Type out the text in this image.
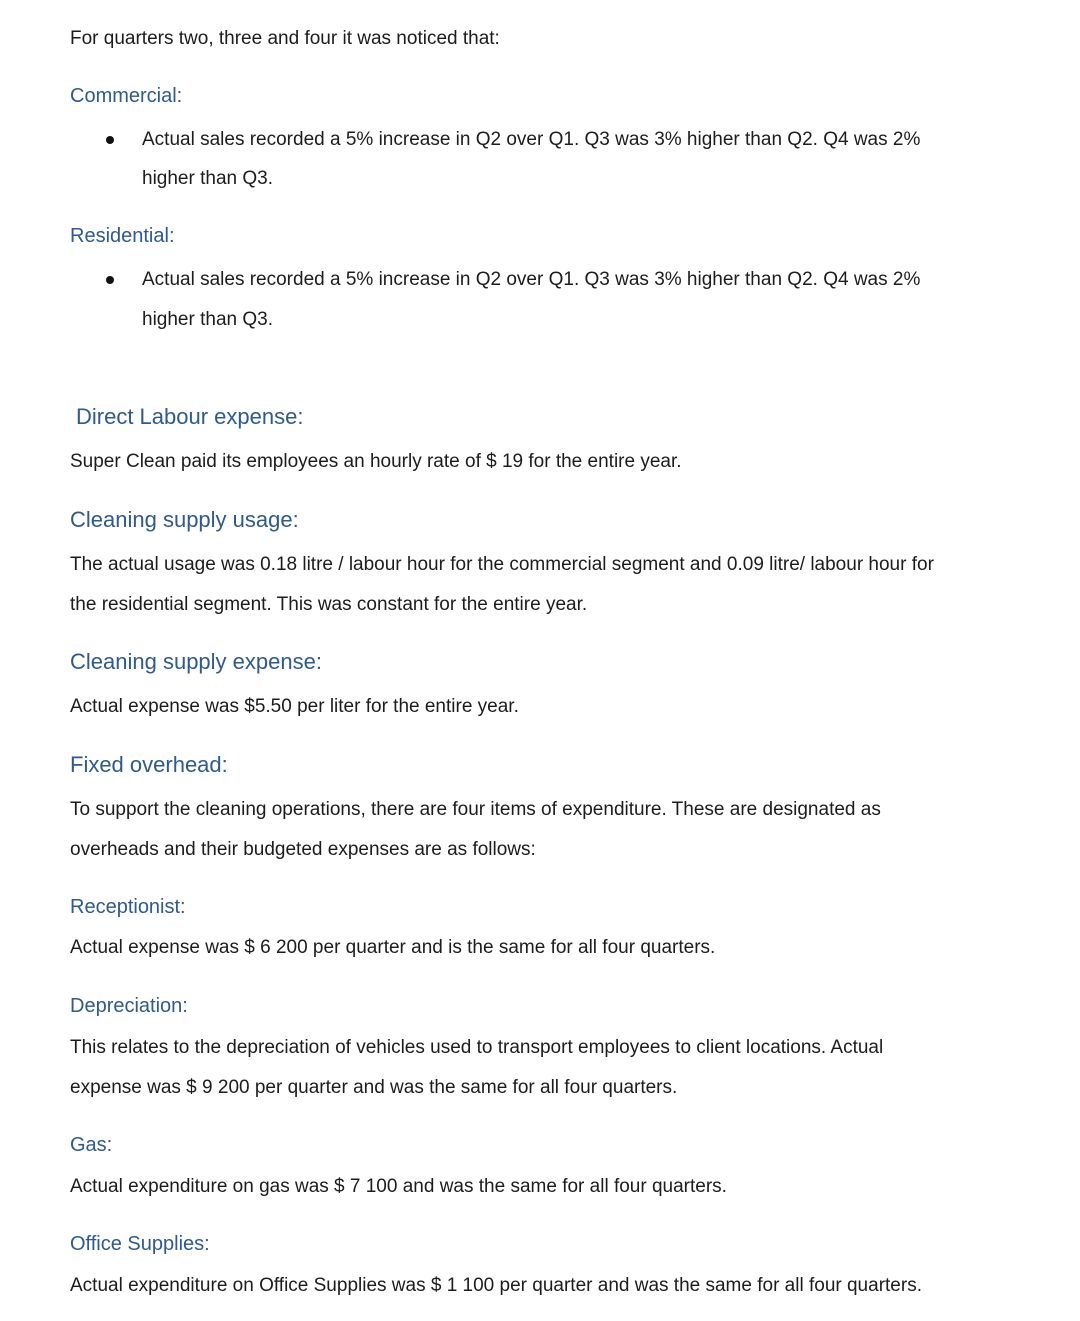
For quarters two, three and four it was noticed that:
Commercial:
Actual sales recorded a 5% increase in Q2 over Q1. Q3 was 3% higher than Q2. Q4 was 2%
higher than Q3.
Residential:
Actual sales recorded a 5% increase in Q2 over Q1. Q3 was 3% higher than Q2. Q4 was 2%
higher than Q3.
Direct Labour expense:
Super Clean paid its employees an hourly rate of $ 19 for the entire year.
Cleaning supply usage:
The actual usage was 0.18 litre / labour hour for the commercial segment and 0.09 litre/ labour hour for
the residential segment. This was constant for the entire year.
Cleaning supply expense:
Actual expense was $5.50 per liter for the entire year.
Fixed overhead:
To support the cleaning operations, there are four items of expenditure. These are designated as
overheads and their budgeted expenses are as follows:
Receptionist:
Actual expense was $ 6 200 per quarter and is the same for all four quarters.
Depreciation:
This relates to the depreciation of vehicles used to transport employees to client locations. Actual
expense was $ 9 200 per quarter and was the same for all four quarters.
Gas:
Actual expenditure on gas was $ 7 100 and was the same for all four quarters.
Office Supplies:
Actual expenditure on Office Supplies was $ 1 100 per quarter and was the same for all four quarters.
